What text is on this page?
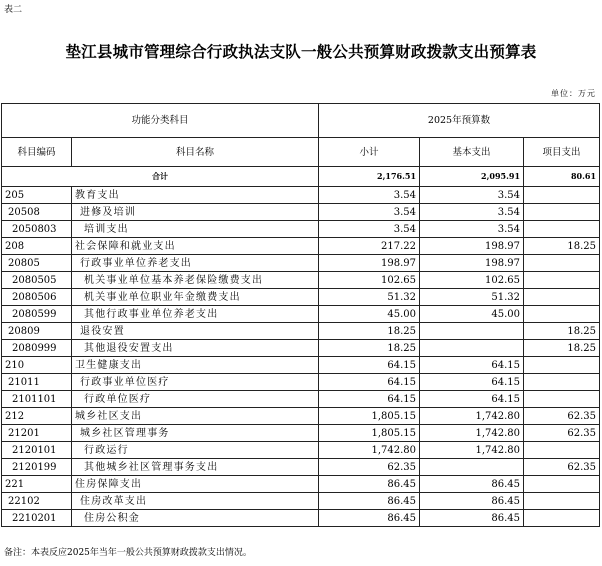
表二
垫江县城市管理综合行政执法支队一般公共预算财政拨款支出预算表
单位：万元
功能分类科目		2025年预算数		
科目编码	科目名称	小计	基本支出	项目支出
合计		2,176.51	2,095.91	80.61
205	教育支出	3.54	3.54	
20508	进修及培训	3.54	3.54	
2050803	培训支出	3.54	3.54	
208	社会保障和就业支出	217.22	198.97	18.25
20805	行政事业单位养老支出	198.97	198.97	
2080505	机关事业单位基本养老保险缴费支出	102.65	102.65	
2080506	机关事业单位职业年金缴费支出	51.32	51.32	
2080599	其他行政事业单位养老支出	45.00	45.00	
20809	退役安置	18.25		18.25
2080999	其他退役安置支出	18.25		18.25
210	卫生健康支出	64.15	64.15	
21011	行政事业单位医疗	64.15	64.15	
2101101	行政单位医疗	64.15	64.15	
212	城乡社区支出	1,805.15	1,742.80	62.35
21201	城乡社区管理事务	1,805.15	1,742.80	62.35
2120101	行政运行	1,742.80	1,742.80	
2120199	其他城乡社区管理事务支出	62.35		62.35
221	住房保障支出	86.45	86.45	
22102	住房改革支出	86.45	86.45	
2210201	住房公积金	86.45	86.45	
备注：本表反应2025年当年一般公共预算财政拨款支出情况。
